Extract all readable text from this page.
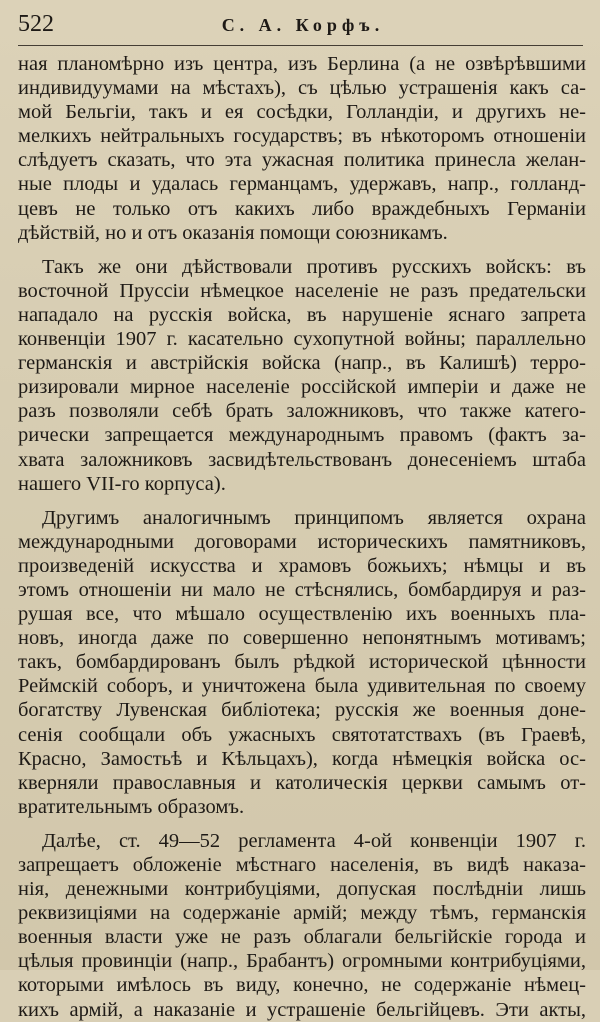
522	С. А. Корфъ.
ная планомѣрно изъ центра, изъ Берлина (а не озвѣрѣвшими
индивидуумами на мѣстахъ), съ цѣлью устрашенія какъ са-
мой Бельгіи, такъ и ея сосѣдки, Голландіи, и другихъ не-
мелкихъ нейтральныхъ государствъ; въ нѣкоторомъ отношеніи
слѣдуетъ сказать, что эта ужасная политика принесла желан-
ные плоды и удалась германцамъ, удержавъ, напр., голланд-
цевъ не только отъ какихъ либо враждебныхъ Германіи
дѣйствій, но и отъ оказанія помощи союзникамъ.
Такъ же они дѣйствовали противъ русскихъ войскъ: въ
восточной Пруссіи нѣмецкое населеніе не разъ предательски
нападало на русскія войска, въ нарушеніе яснаго запрета
конвенціи 1907 г. касательно сухопутной войны; параллельно
германскія и австрійскія войска (напр., въ Калишѣ) терро-
ризировали мирное населеніе россійской имперіи и даже не
разъ позволяли себѣ брать заложниковъ, что также катего-
рически запрещается международнымъ правомъ (фактъ за-
хвата заложниковъ засвидѣтельствованъ донесеніемъ штаба
нашего VII-го корпуса).
Другимъ аналогичнымъ принципомъ является охрана
международными договорами историческихъ памятниковъ,
произведеній искусства и храмовъ божьихъ; нѣмцы и въ
этомъ отношеніи ни мало не стѣснялись, бомбардируя и раз-
рушая все, что мѣшало осуществленію ихъ военныхъ пла-
новъ, иногда даже по совершенно непонятнымъ мотивамъ;
такъ, бомбардированъ былъ рѣдкой исторической цѣнности
Реймскій соборъ, и уничтожена была удивительная по своему
богатству Лувенская библіотека; русскія же военныя доне-
сенія сообщали объ ужасныхъ святотатствахъ (въ Граевѣ,
Красно, Замостьѣ и Кѣльцахъ), когда нѣмецкія войска ос-
кверняли православныя и католическія церкви самымъ от-
вратительнымъ образомъ.
Далѣе, ст. 49—52 регламента 4-ой конвенціи 1907 г.
запрещаетъ обложеніе мѣстнаго населенія, въ видѣ наказа-
нія, денежными контрибуціями, допуская послѣдніи лишь
реквизиціями на содержаніе армій; между тѣмъ, германскія
военныя власти уже не разъ облагали бельгійскіе города и
цѣлыя провинціи (напр., Брабантъ) огромными контрибуціями,
которыми имѣлось въ виду, конечно, не содержаніе нѣмец-
кихъ армій, а наказаніе и устрашеніе бельгійцевъ. Эти акты,
